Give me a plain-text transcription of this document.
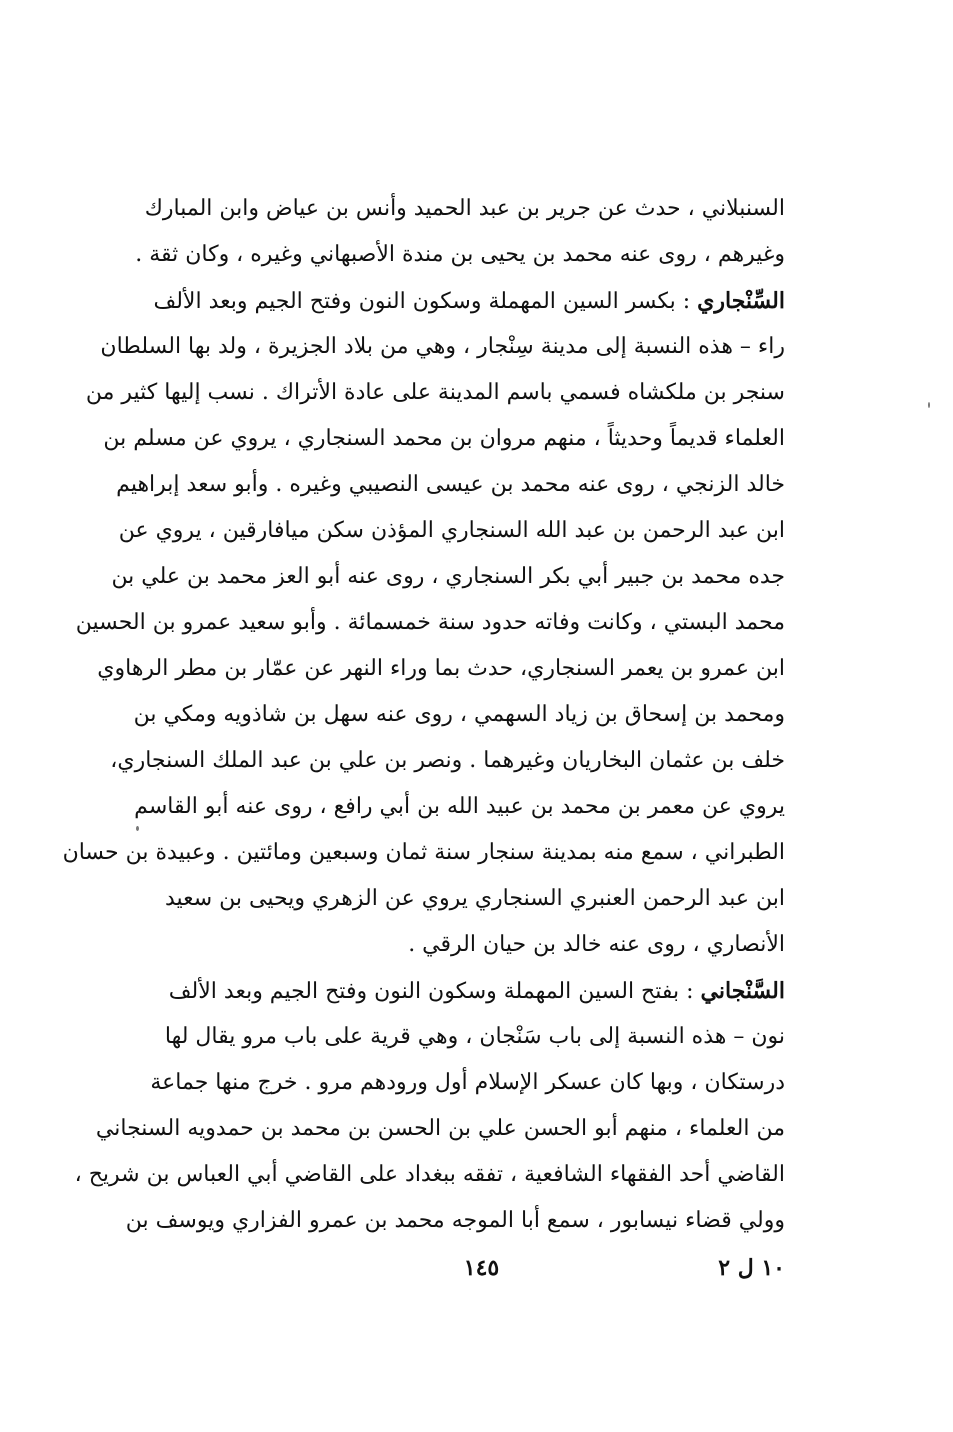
السنبلاني ، حدث عن جرير بن عبد الحميد وأنس بن عياض وابن المبارك
وغيرهم ، روى عنه محمد بن يحيى بن مندة الأصبهاني وغيره ، وكان ثقة .
السِّنْجاري : بكسر السين المهملة وسكون النون وفتح الجيم وبعد الألف
راء – هذه النسبة إلى مدينة سِنْجار ، وهي من بلاد الجزيرة ، ولد بها السلطان
سنجر بن ملكشاه فسمي باسم المدينة على عادة الأتراك . نسب إليها كثير من
العلماء قديماً وحديثاً ، منهم مروان بن محمد السنجاري ، يروي عن مسلم بن
خالد الزنجي ، روى عنه محمد بن عيسى النصيبي وغيره . وأبو سعد إبراهيم
ابن عبد الرحمن بن عبد الله السنجاري المؤذن سكن ميافارقين ، يروي عن
جده محمد بن جبير أبي بكر السنجاري ، روى عنه أبو العز محمد بن علي بن
محمد البستي ، وكانت وفاته حدود سنة خمسمائة . وأبو سعيد عمرو بن الحسين
ابن عمرو بن يعمر السنجاري، حدث بما وراء النهر عن عمّار بن مطر الرهاوي
ومحمد بن إسحاق بن زياد السهمي ، روى عنه سهل بن شاذويه ومكي بن
خلف بن عثمان البخاريان وغيرهما . ونصر بن علي بن عبد الملك السنجاري،
يروي عن معمر بن محمد بن عبيد الله بن أبي رافع ، روى عنه أبو القاسم
الطبراني ، سمع منه بمدينة سنجار سنة ثمان وسبعين ومائتين . وعبيدة بن حسان
ابن عبد الرحمن العنبري السنجاري يروي عن الزهري ويحيى بن سعيد
الأنصاري ، روى عنه خالد بن حيان الرقي .
السَّنْجاني : بفتح السين المهملة وسكون النون وفتح الجيم وبعد الألف
نون – هذه النسبة إلى باب سَنْجان ، وهي قرية على باب مرو يقال لها
درستكان ، وبها كان عسكر الإسلام أول ورودهم مرو . خرج منها جماعة
من العلماء ، منهم أبو الحسن علي بن الحسن بن محمد بن حمدويه السنجاني
القاضي أحد الفقهاء الشافعية ، تفقه ببغداد على القاضي أبي العباس بن شريح ،
وولي قضاء نيسابور ، سمع أبا الموجه محمد بن عمرو الفزاري ويوسف بن
١٠ ل ٢
١٤٥
